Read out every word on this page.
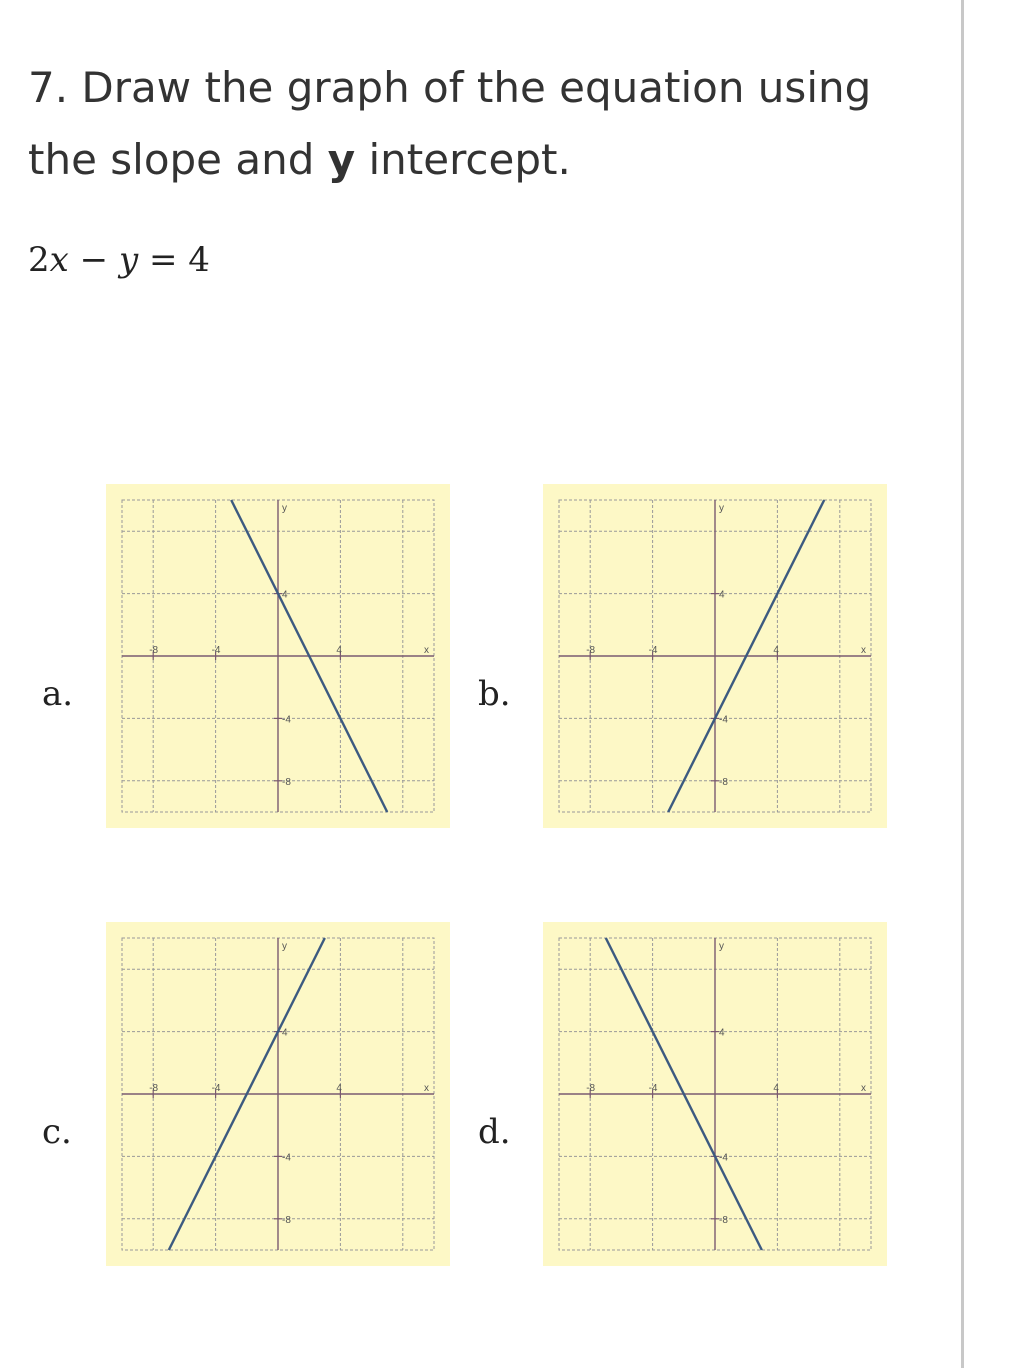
7. Draw the graph of the equation using
the slope and y intercept.
2x − y = 4
a.	b.
c.	d.
-8	-4	4
4
-4
-8
x
y
-8	-4	4
4
-4
-8
x
y
-8	-4	4
4
-4
-8
x
y
-8	-4	4
4
-4
-8
x
y
